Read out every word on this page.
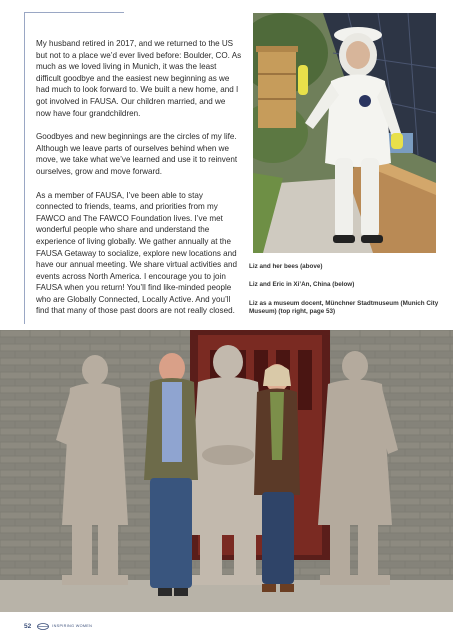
My husband retired in 2017, and we returned to the US but not to a place we’d ever lived before: Boulder, CO. As much as we loved living in Munich, it was the least difficult goodbye and the easiest new beginning as we had much to look forward to. We built a new home, and I got involved in FAUSA. Our children married, and we now have four grandchildren.

Goodbyes and new beginnings are the circles of my life. Although we leave parts of ourselves behind when we move, we take what we’ve learned and use it to reinvent ourselves, grow and move forward.

As a member of FAUSA, I’ve been able to stay connected to friends, teams, and priorities from my FAWCO and The FAWCO Foundation lives. I’ve met wonderful people who share and understand the experience of living globally. We gather annually at the FAUSA Getaway to socialize, explore new locations and have our annual meeting. We share virtual activities and events across North America. I encourage you to join FAUSA when you return! You’ll find like-minded people who are Globally Connected, Locally Active. And you’ll find that many of those past doors are not really closed.

Liz and her bees (above)

Liz and Eric in Xi’An, China (below)

Liz as a museum docent, Münchner Stadtmuseum (Munich City Museum) (top right, page 53)

52	INSPIRING WOMEN
